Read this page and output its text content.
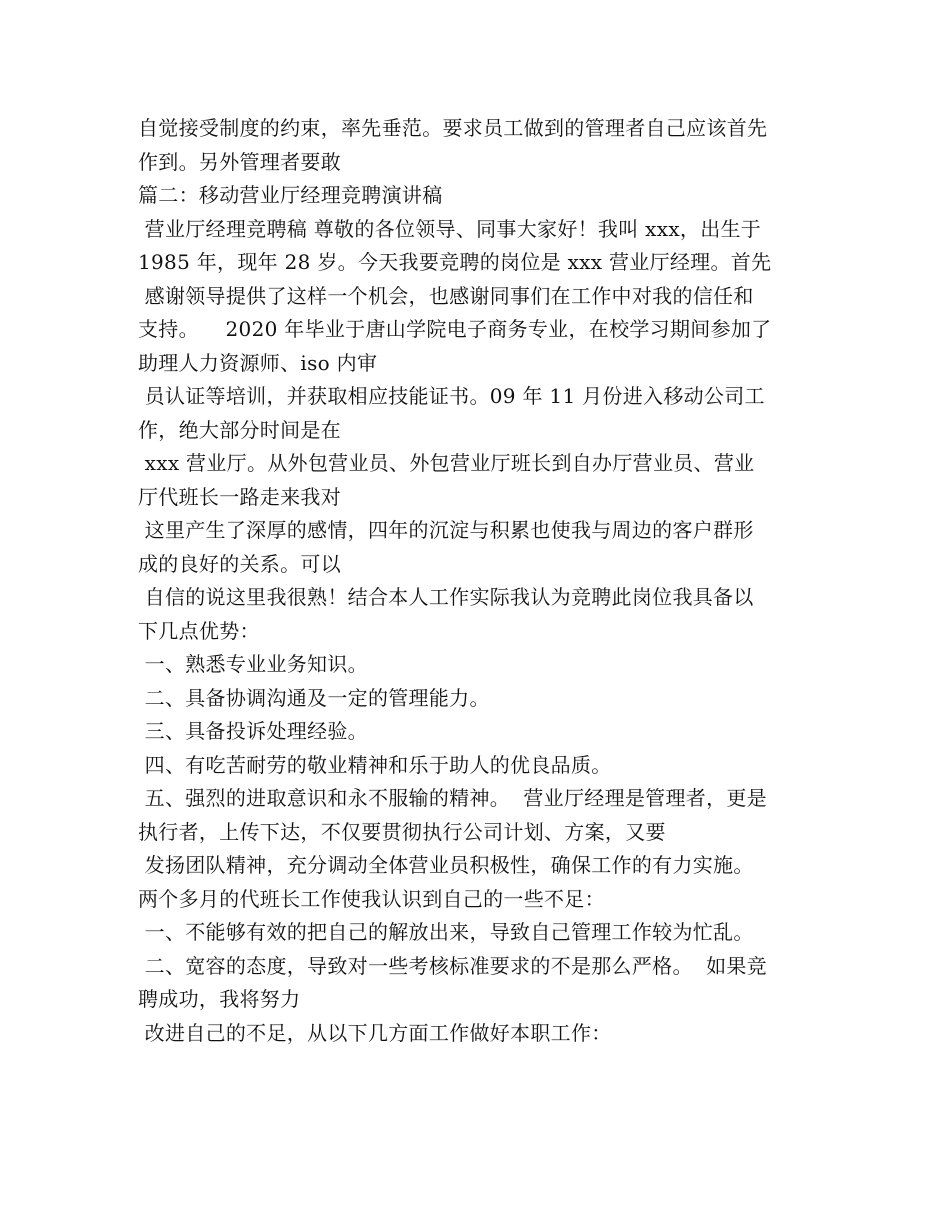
自觉接受制度的约束，率先垂范。要求员工做到的管理者自己应该首先
作到。另外管理者要敢
篇二：移动营业厅经理竞聘演讲稿
营业厅经理竞聘稿 尊敬的各位领导、同事大家好！我叫 xxx，出生于
1985 年，现年 28 岁。今天我要竞聘的岗位是 xxx 营业厅经理。首先
感谢领导提供了这样一个机会，也感谢同事们在工作中对我的信任和
支持。    2020 年毕业于唐山学院电子商务专业，在校学习期间参加了
助理人力资源师、iso 内审
员认证等培训，并获取相应技能证书。09 年 11 月份进入移动公司工
作，绝大部分时间是在
xxx 营业厅。从外包营业员、外包营业厅班长到自办厅营业员、营业
厅代班长一路走来我对
这里产生了深厚的感情，四年的沉淀与积累也使我与周边的客户群形
成的良好的关系。可以
自信的说这里我很熟！结合本人工作实际我认为竞聘此岗位我具备以
下几点优势：
一、熟悉专业业务知识。
二、具备协调沟通及一定的管理能力。
三、具备投诉处理经验。
四、有吃苦耐劳的敬业精神和乐于助人的优良品质。
五、强烈的进取意识和永不服输的精神。  营业厅经理是管理者，更是
执行者，上传下达，不仅要贯彻执行公司计划、方案，又要
发扬团队精神，充分调动全体营业员积极性，确保工作的有力实施。
两个多月的代班长工作使我认识到自己的一些不足：
一、不能够有效的把自己的解放出来，导致自己管理工作较为忙乱。
二、宽容的态度，导致对一些考核标准要求的不是那么严格。  如果竞
聘成功，我将努力
改进自己的不足，从以下几方面工作做好本职工作：
